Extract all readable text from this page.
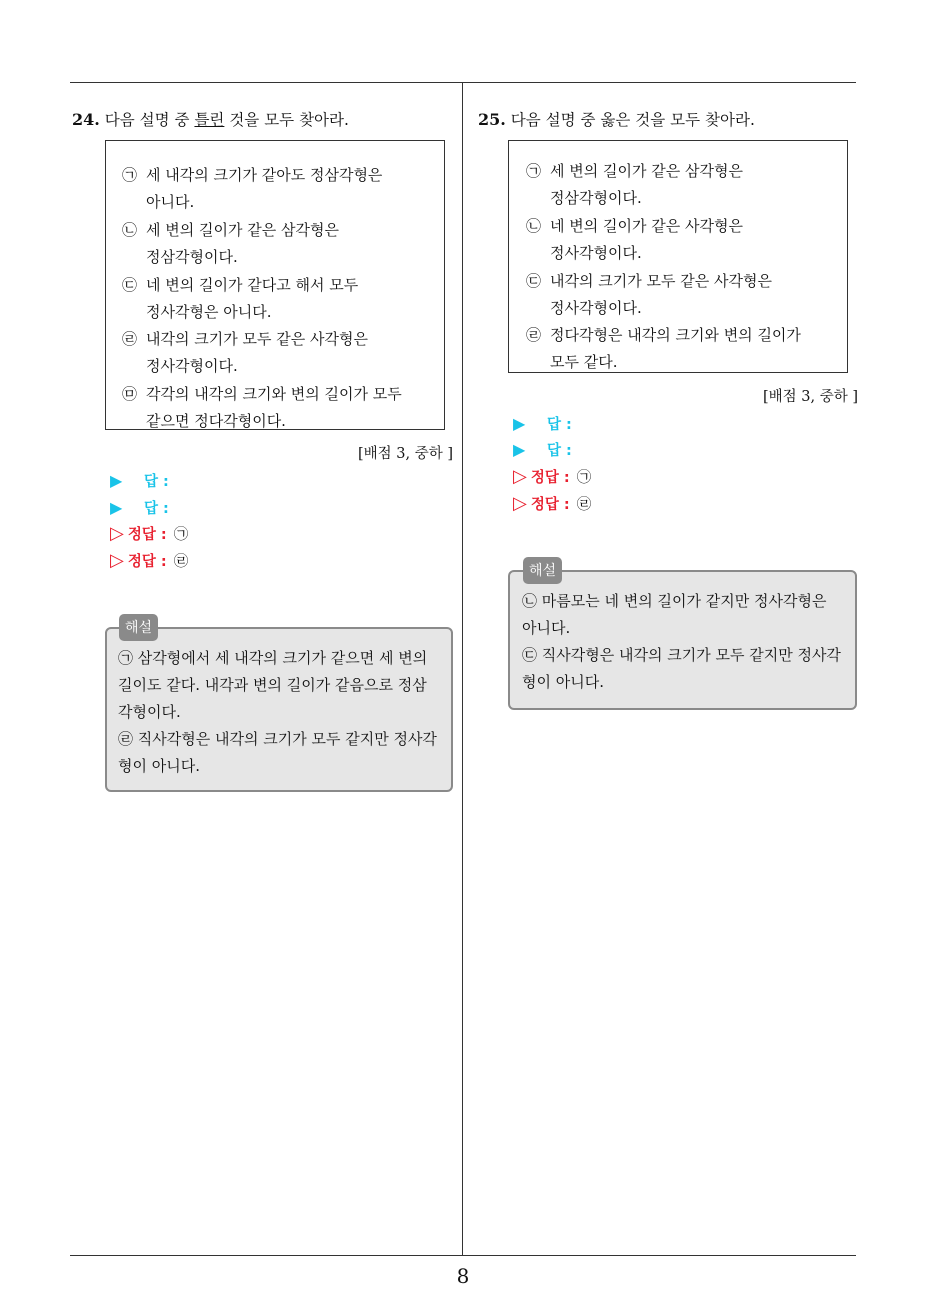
8
24. 다음 설명 중 틀린 것을 모두 찾아라.
㉠ 세 내각의 크기가 같아도 정삼각형은
아니다.
㉡ 세 변의 길이가 같은 삼각형은
정삼각형이다.
㉢ 네 변의 길이가 같다고 해서 모두
정사각형은 아니다.
㉣ 내각의 크기가 모두 같은 사각형은
정사각형이다.
㉤ 각각의 내각의 크기와 변의 길이가 모두
같으면 정다각형이다.
[배점 3, 중하 ]
▶ 답 :
▶ 답 :
▷ 정답 : ㉠
▷ 정답 : ㉣
해설
㉠ 삼각형에서 세 내각의 크기가 같으면 세 변의
길이도 같다. 내각과 변의 길이가 같음으로 정삼
각형이다.
㉣ 직사각형은 내각의 크기가 모두 같지만 정사각
형이 아니다.
25. 다음 설명 중 옳은 것을 모두 찾아라.
㉠ 세 변의 길이가 같은 삼각형은
정삼각형이다.
㉡ 네 변의 길이가 같은 사각형은
정사각형이다.
㉢ 내각의 크기가 모두 같은 사각형은
정사각형이다.
㉣ 정다각형은 내각의 크기와 변의 길이가
모두 같다.
[배점 3, 중하 ]
▶ 답 :
▶ 답 :
▷ 정답 : ㉠
▷ 정답 : ㉣
해설
㉡ 마름모는 네 변의 길이가 같지만 정사각형은
아니다.
㉢ 직사각형은 내각의 크기가 모두 같지만 정사각
형이 아니다.
